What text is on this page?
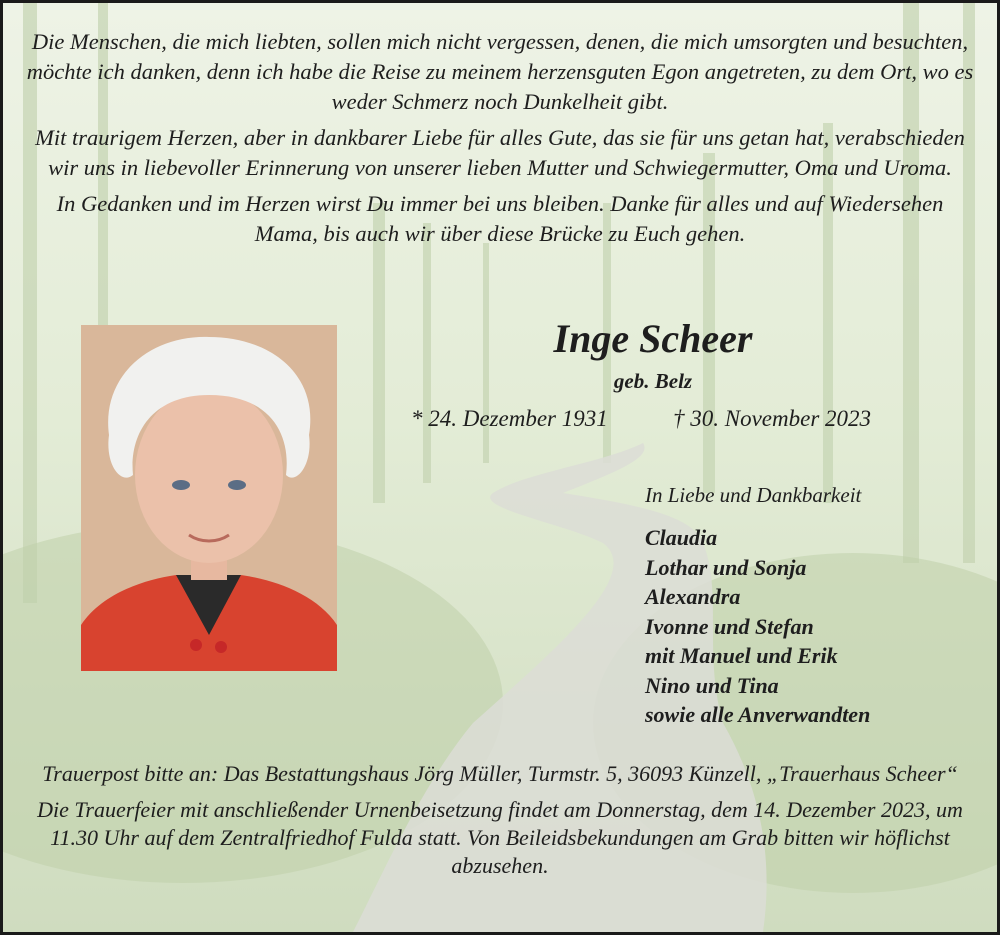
Die Menschen, die mich liebten, sollen mich nicht vergessen, denen, die mich umsorgten und besuchten, möchte ich danken, denn ich habe die Reise zu meinem herzensguten Egon angetreten, zu dem Ort, wo es weder Schmerz noch Dunkelheit gibt.

Mit traurigem Herzen, aber in dankbarer Liebe für alles Gute, das sie für uns getan hat, verabschieden wir uns in liebevoller Erinnerung von unserer lieben Mutter und Schwiegermutter, Oma und Uroma.

In Gedanken und im Herzen wirst Du immer bei uns bleiben. Danke für alles und auf Wiedersehen Mama, bis auch wir über diese Brücke zu Euch gehen.

Inge Scheer
geb. Belz
* 24. Dezember 1931	† 30. November 2023
In Liebe und Dankbarkeit
Claudia
Lothar und Sonja
Alexandra
Ivonne und Stefan
mit Manuel und Erik
Nino und Tina
sowie alle Anverwandten

Trauerpost bitte an: Das Bestattungshaus Jörg Müller, Turmstr. 5, 36093 Künzell, „Trauerhaus Scheer“

Die Trauerfeier mit anschließender Urnenbeisetzung findet am Donnerstag, dem 14. Dezember 2023, um 11.30 Uhr auf dem Zentralfriedhof Fulda statt. Von Beileidsbekundungen am Grab bitten wir höflichst abzusehen.
